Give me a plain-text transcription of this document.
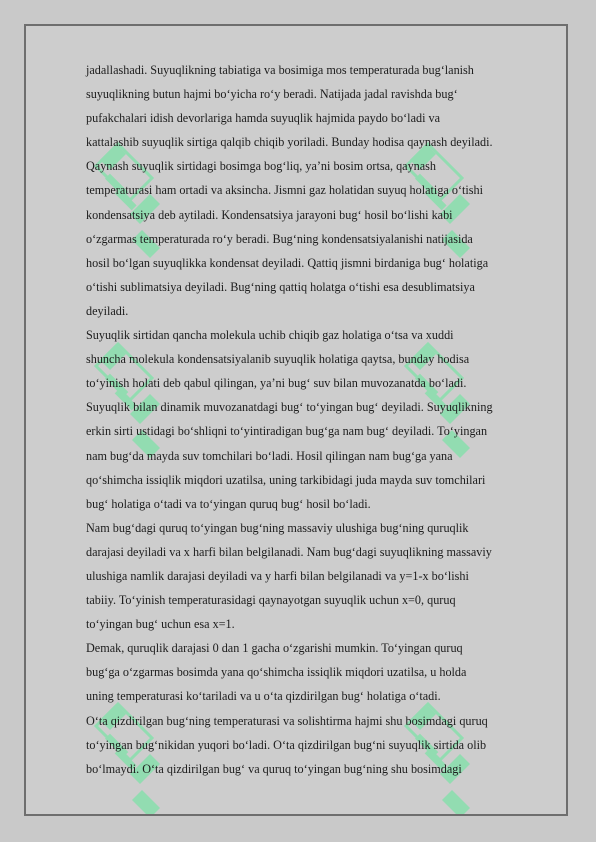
jadallashadi. Suyuqlikning tabiatiga va bosimiga mos temperaturada bug‘lanish
suyuqlikning butun hajmi bo‘yicha ro‘y beradi. Natijada jadal ravishda bug‘
pufakchalari idish devorlariga hamda suyuqlik hajmida paydo bo‘ladi va
kattalashib suyuqlik sirtiga qalqib chiqib yoriladi. Bunday hodisa qaynash deyiladi.
Qaynash suyuqlik sirtidagi bosimga bog‘liq, ya’ni bosim ortsa, qaynash
temperaturasi ham ortadi va aksincha. Jismni gaz holatidan suyuq holatiga o‘tishi
kondensatsiya deb aytiladi. Kondensatsiya jarayoni bug‘ hosil bo‘lishi kabi
o‘zgarmas temperaturada ro‘y beradi. Bug‘ning kondensatsiyalanishi natijasida
hosil bo‘lgan suyuqlikka kondensat deyiladi. Qattiq jismni birdaniga bug‘ holatiga
o‘tishi sublimatsiya deyiladi. Bug‘ning qattiq holatga o‘tishi esa desublimatsiya
deyiladi.
Suyuqlik sirtidan qancha molekula uchib chiqib gaz holatiga o‘tsa va xuddi
shuncha molekula kondensatsiyalanib suyuqlik holatiga qaytsa, bunday hodisa
to‘yinish holati deb qabul qilingan, ya’ni bug‘ suv bilan muvozanatda bo‘ladi.
Suyuqlik bilan dinamik muvozanatdagi bug‘ to‘yingan bug‘ deyiladi. Suyuqlikning
erkin sirti ustidagi bo‘shliqni to‘yintiradigan bug‘ga nam bug‘ deyiladi. To‘yingan
nam bug‘da mayda suv tomchilari bo‘ladi. Hosil qilingan nam bug‘ga yana
qo‘shimcha issiqlik miqdori uzatilsa, uning tarkibidagi juda mayda suv tomchilari
bug‘ holatiga o‘tadi va to‘yingan quruq bug‘ hosil bo‘ladi.
Nam bug‘dagi quruq to‘yingan bug‘ning massaviy ulushiga bug‘ning quruqlik
darajasi deyiladi va x harfi bilan belgilanadi. Nam bug‘dagi suyuqlikning massaviy
ulushiga namlik darajasi deyiladi va y harfi bilan belgilanadi va y=1-x bo‘lishi
tabiiy. To‘yinish temperaturasidagi qaynayotgan suyuqlik uchun x=0, quruq
to‘yingan bug‘ uchun esa x=1.
Demak, quruqlik darajasi 0 dan 1 gacha o‘zgarishi mumkin. To‘yingan quruq
bug‘ga o‘zgarmas bosimda yana qo‘shimcha issiqlik miqdori uzatilsa, u holda
uning temperaturasi ko‘tariladi va u o‘ta qizdirilgan bug‘ holatiga o‘tadi.
O‘ta qizdirilgan bug‘ning temperaturasi va solishtirma hajmi shu bosimdagi quruq
to‘yingan bug‘nikidan yuqori bo‘ladi. O‘ta qizdirilgan bug‘ni suyuqlik sirtida olib
bo‘lmaydi. O‘ta qizdirilgan bug‘ va quruq to‘yingan bug‘ning shu bosimdagi
